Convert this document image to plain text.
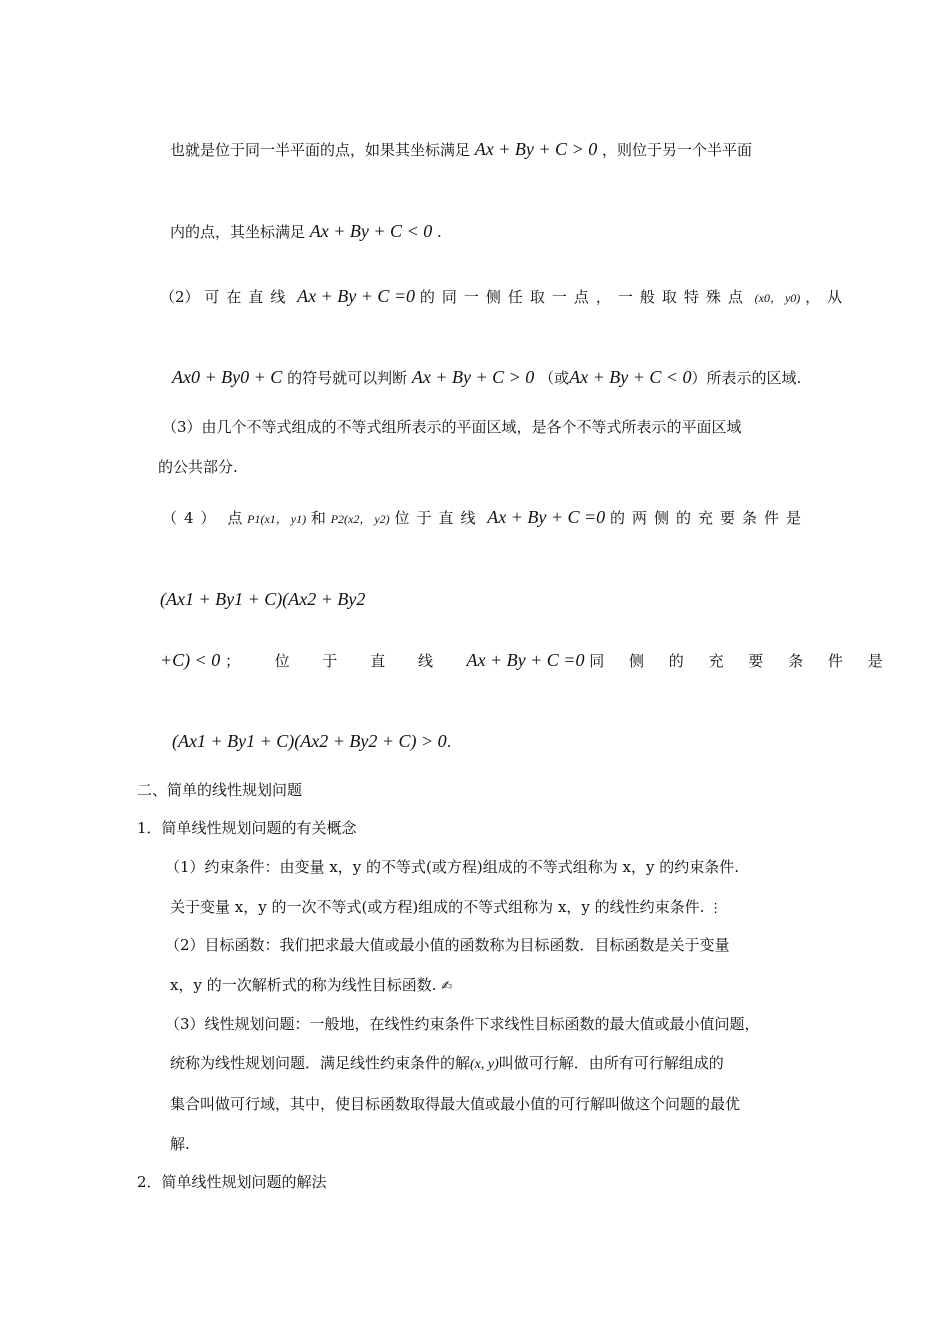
也就是位于同一半平面的点，如果其坐标满足 Ax + By + C > 0 ，则位于另一个半平面
内的点，其坐标满足 Ax + By + C < 0 .
（2） 可在直线 Ax + By + C =0 的同一侧任取一点，一般取特殊点 (x0， y0) ，从
Ax0 + By0 + C 的符号就可以判断 Ax + By + C > 0 （或Ax + By + C < 0）所表示的区域.
（3）由几个不等式组成的不等式组所表示的平面区域，是各个不等式所表示的平面区域
的公共部分.
（4） 点 P1(x1， y1) 和 P2(x2， y2) 位于直线 Ax + By + C =0 的两侧的充要条件是
(Ax1 + By1 + C)(Ax2 + By2
+C) < 0 ； 位 于 直 线 Ax + By + C =0 同 侧 的 充 要 条 件 是
(Ax1 + By1 + C)(Ax2 + By2 + C) > 0.
二、简单的线性规划问题
1．简单线性规划问题的有关概念
（1）约束条件：由变量 x，y 的不等式(或方程)组成的不等式组称为 x，y 的约束条件.
关于变量 x，y 的一次不等式(或方程)组成的不等式组称为 x，y 的线性约束条件. ⋮
（2）目标函数：我们把求最大值或最小值的函数称为目标函数．目标函数是关于变量
x，y 的一次解析式的称为线性目标函数. ✍
（3）线性规划问题：一般地，在线性约束条件下求线性目标函数的最大值或最小值问题，
统称为线性规划问题．满足线性约束条件的解(x, y)叫做可行解．由所有可行解组成的
集合叫做可行域，其中，使目标函数取得最大值或最小值的可行解叫做这个问题的最优
解.
2．简单线性规划问题的解法
